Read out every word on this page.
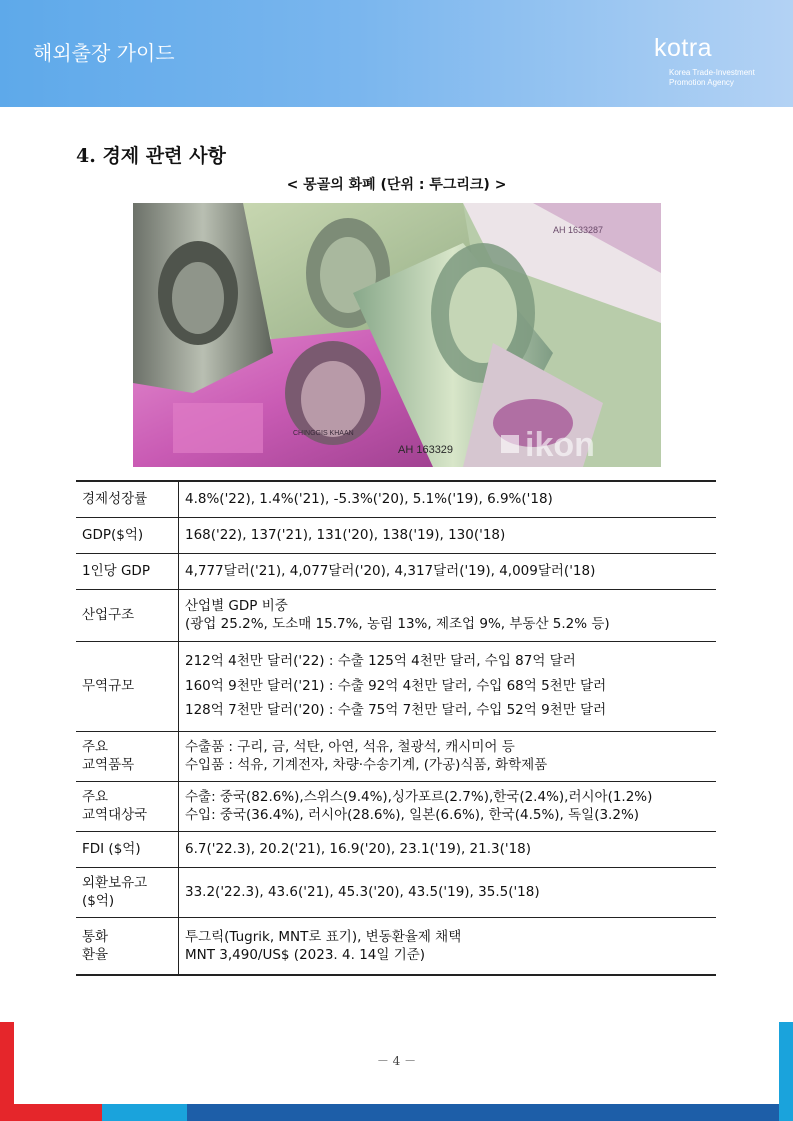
해외출장 가이드	kotra
Korea Trade-Investment
Promotion Agency
4. 경제 관련 사항
< 몽골의 화폐 (단위 : 투그리크) >
AH 163329
AH 1633287
CHINGGIS KHAAN	ikon
경제성장률	4.8%('22), 1.4%('21), -5.3%('20), 5.1%('19), 6.9%('18)

GDP($억)	168('22), 137('21), 131('20), 138('19), 130('18)

1인당 GDP	4,777달러('21), 4,077달러('20), 4,317달러('19), 4,009달러('18)

산업구조	산업별 GDP 비중
(광업 25.2%, 도소매 15.7%, 농림 13%, 제조업 9%, 부동산 5.2% 등)

무역규모	212억 4천만 달러('22) : 수출 125억 4천만 달러, 수입 87억 달러
160억 9천만 달러('21) : 수출 92억 4천만 달러, 수입 68억 5천만 달러
128억 7천만 달러('20) : 수출 75억 7천만 달러, 수입 52억 9천만 달러

주요
교역품목	수출품 : 구리, 금, 석탄, 아연, 석유, 철광석, 캐시미어 등
수입품 : 석유, 기계전자, 차량·수송기계, (가공)식품, 화학제품

주요
교역대상국	수출: 중국(82.6%),스위스(9.4%),싱가포르(2.7%),한국(2.4%),러시아(1.2%)
수입: 중국(36.4%), 러시아(28.6%), 일본(6.6%), 한국(4.5%), 독일(3.2%)

FDI ($억)	6.7('22.3), 20.2('21), 16.9('20), 23.1('19), 21.3('18)

외환보유고
($억)	33.2('22.3), 43.6('21), 45.3('20), 43.5('19), 35.5('18)

통화
환율	투그릭(Tugrik, MNT로 표기), 변동환율제 채택
MNT 3,490/US$ (2023. 4. 14일 기준)
－ 4 －
